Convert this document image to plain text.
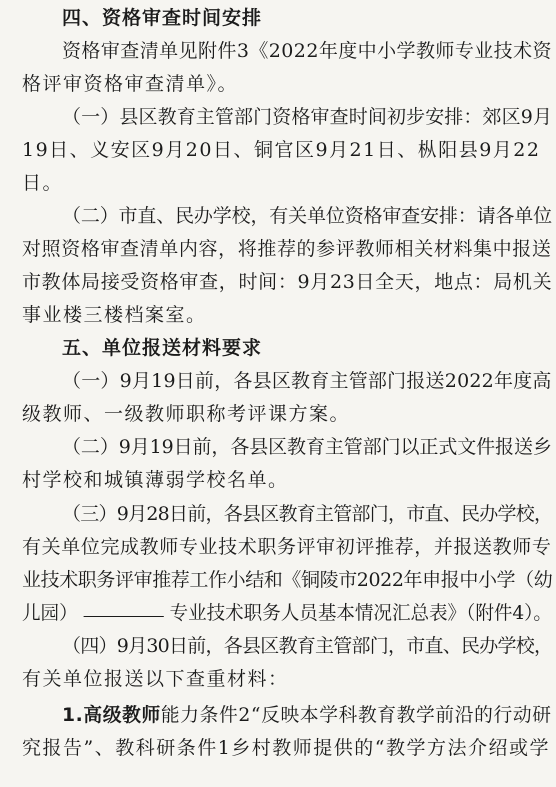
四、资格审查时间安排
资格审查清单见附件3《2022年度中小学教师专业技术资
格评审资格审查清单》。
（一）县区教育主管部门资格审查时间初步安排：郊区9月
19日、义安区9月20日、铜官区9月21日、枞阳县9月22
日。
（二）市直、民办学校，有关单位资格审查安排：请各单位
对照资格审查清单内容，将推荐的参评教师相关材料集中报送
市教体局接受资格审查，时间：9月23日全天，地点：局机关
事业楼三楼档案室。
五、单位报送材料要求
（一）9月19日前，各县区教育主管部门报送2022年度高
级教师、一级教师职称考评课方案。
（二）9月19日前，各县区教育主管部门以正式文件报送乡
村学校和城镇薄弱学校名单。
（三）9月28日前，各县区教育主管部门，市直、民办学校，
有关单位完成教师专业技术职务评审初评推荐，并报送教师专
业技术职务评审推荐工作小结和《铜陵市2022年申报中小学（幼
儿园）	专业技术职务人员基本情况汇总表》（附件4）。
（四）9月30日前，各县区教育主管部门，市直、民办学校，
有关单位报送以下查重材料：
1.高级教师能力条件2“反映本学科教育教学前沿的行动研
究报告”、教科研条件1乡村教师提供的“教学方法介绍或学
